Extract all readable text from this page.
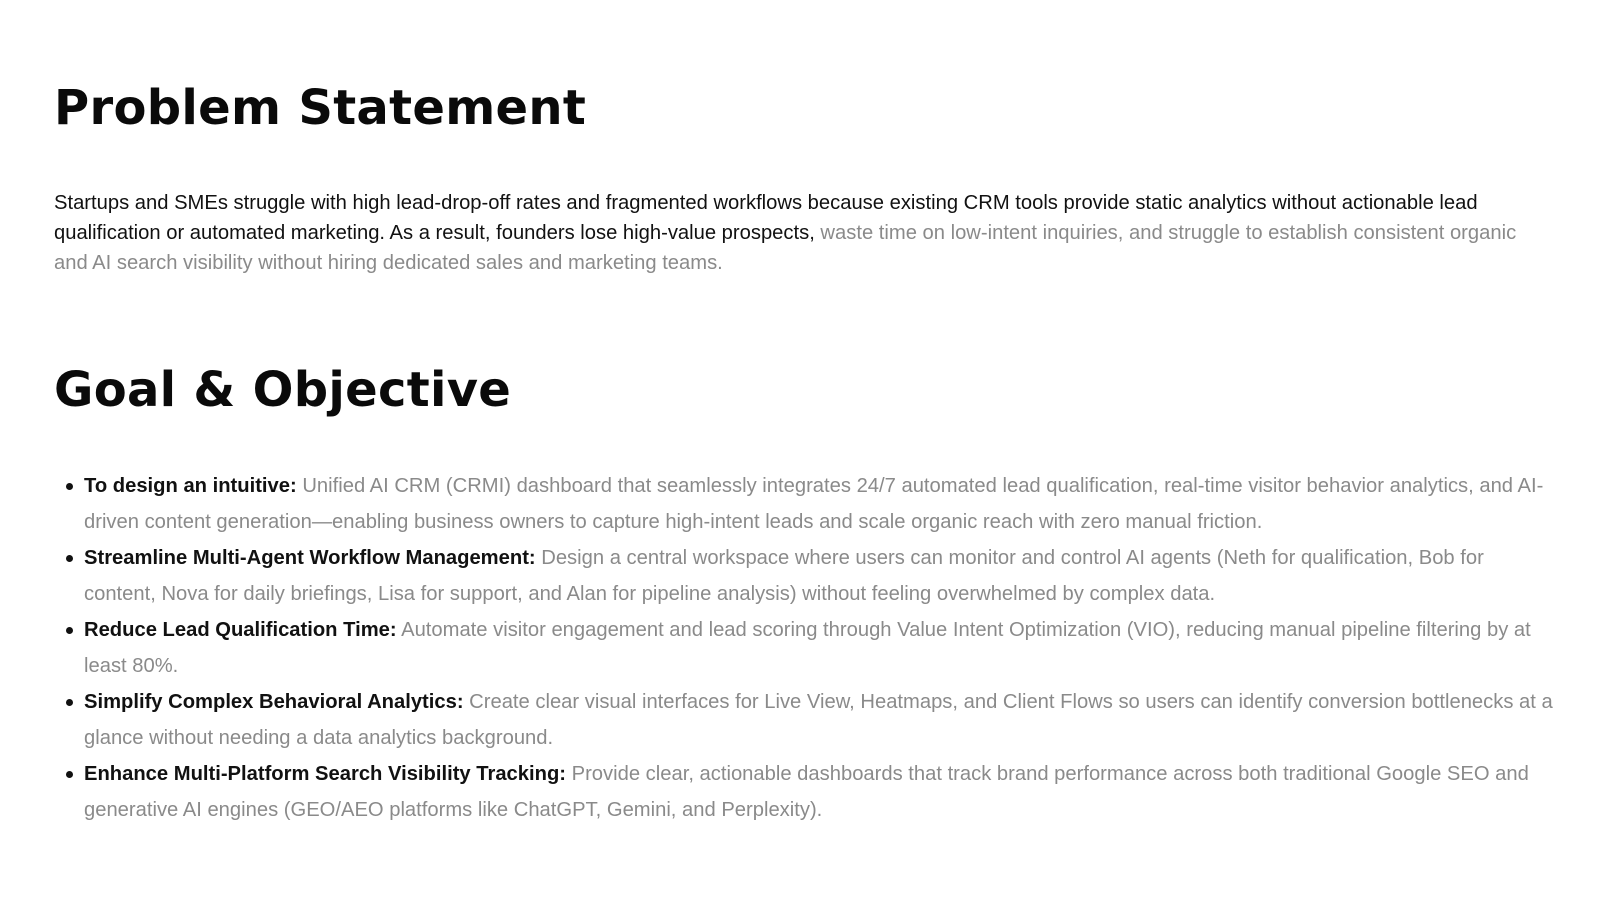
Problem Statement

Startups and SMEs struggle with high lead-drop-off rates and fragmented workflows because existing CRM tools provide static analytics without actionable lead qualification or automated marketing. As a result, founders lose high-value prospects, waste time on low-intent inquiries, and struggle to establish consistent organic and AI search visibility without hiring dedicated sales and marketing teams.

Goal & Objective
To design an intuitive: Unified AI CRM (CRMI) dashboard that seamlessly integrates 24/7 automated lead qualification, real-time visitor behavior analytics, and AI-driven content generation—enabling business owners to capture high-intent leads and scale organic reach with zero manual friction.
Streamline Multi-Agent Workflow Management: Design a central workspace where users can monitor and control AI agents (Neth for qualification, Bob for content, Nova for daily briefings, Lisa for support, and Alan for pipeline analysis) without feeling overwhelmed by complex data.
Reduce Lead Qualification Time: Automate visitor engagement and lead scoring through Value Intent Optimization (VIO), reducing manual pipeline filtering by at least 80%.
Simplify Complex Behavioral Analytics: Create clear visual interfaces for Live View, Heatmaps, and Client Flows so users can identify conversion bottlenecks at a glance without needing a data analytics background.
Enhance Multi-Platform Search Visibility Tracking: Provide clear, actionable dashboards that track brand performance across both traditional Google SEO and generative AI engines (GEO/AEO platforms like ChatGPT, Gemini, and Perplexity).
